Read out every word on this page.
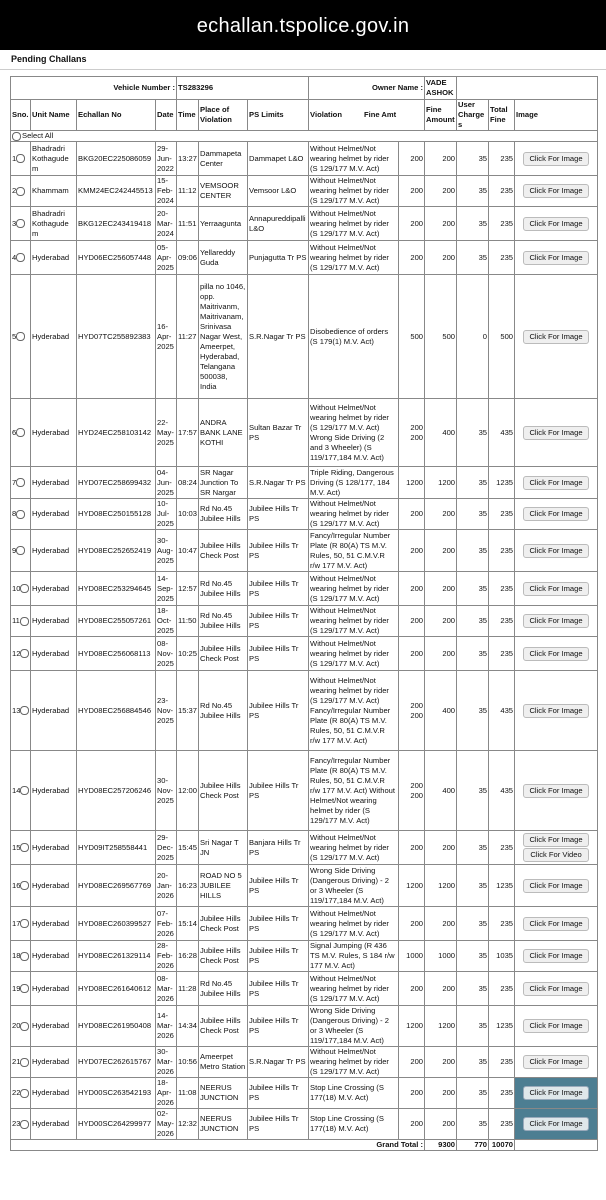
echallan.tspolice.gov.in
Pending Challans
Vehicle Number :				TS283296			Owner Name :		VADE ASHOK			
Sno.	Unit Name	Echallan No	Date	Time	Place of Violation	PS Limits	Violation Fine Amt		Fine Amount	User Charges	Total Fine	Image
Select All												
1	Bhadradri Kothagudem	BKG20EC225086059	29-Jun-2022	13:27	Dammapeta Center	Dammapet L&O	Without Helmet/Not wearing helmet by rider (S 129/177 M.V. Act)	200	200	35	235	Click For Image

2	Khammam	KMM24EC242445513	15-Feb-2024	11:12	VEMSOOR CENTER	Vemsoor L&O	Without Helmet/Not wearing helmet by rider (S 129/177 M.V. Act)	200	200	35	235	Click For Image

3	Bhadradri Kothagudem	BKG12EC243419418	20-Mar-2024	11:51	Yerraagunta	Annapureddipalli L&O	Without Helmet/Not wearing helmet by rider (S 129/177 M.V. Act)	200	200	35	235	Click For Image

4	Hyderabad	HYD06EC256057448	05-Apr-2025	09:06	Yellareddy Guda	Punjagutta Tr PS	Without Helmet/Not wearing helmet by rider (S 129/177 M.V. Act)	200	200	35	235	Click For Image

5	Hyderabad	HYD07TC255892383	16-Apr-2025	11:27	pilla no 1046, opp. Maitrivanm, Maitrivanam, Srinivasa Nagar West, Ameerpet, Hyderabad, Telangana 500038, India	S.R.Nagar Tr PS	Disobedience of orders (S 179(1) M.V. Act)	500	500	0	500	Click For Image

6	Hyderabad	HYD24EC258103142	22-May-2025	17:57	ANDRA BANK LANE KOTHI	Sultan Bazar Tr PS	Without Helmet/Not wearing helmet by rider (S 129/177 M.V. Act) Wrong Side Driving (2 and 3 Wheeler) (S 119/177,184 M.V. Act)	200 200	400	35	435	Click For Image

7	Hyderabad	HYD07EC258699432	04-Jun-2025	08:24	SR Nagar Junction To SR Nargar	S.R.Nagar Tr PS	Triple Riding, Dangerous Driving (S 128/177, 184 M.V. Act)	1200	1200	35	1235	Click For Image

8	Hyderabad	HYD08EC250155128	10-Jul-2025	10:03	Rd No.45 Jubilee Hills	Jubilee Hills Tr PS	Without Helmet/Not wearing helmet by rider (S 129/177 M.V. Act)	200	200	35	235	Click For Image

9	Hyderabad	HYD08EC252652419	30-Aug-2025	10:47	Jubilee Hills Check Post	Jubilee Hills Tr PS	Fancy/Irregular Number Plate (R 80(A) TS M.V. Rules, 50, 51 C.M.V.R r/w 177 M.V. Act)	200	200	35	235	Click For Image

10	Hyderabad	HYD08EC253294645	14-Sep-2025	12:57	Rd No.45 Jubilee Hills	Jubilee Hills Tr PS	Without Helmet/Not wearing helmet by rider (S 129/177 M.V. Act)	200	200	35	235	Click For Image

11	Hyderabad	HYD08EC255057261	18-Oct-2025	11:50	Rd No.45 Jubilee Hills	Jubilee Hills Tr PS	Without Helmet/Not wearing helmet by rider (S 129/177 M.V. Act)	200	200	35	235	Click For Image

12	Hyderabad	HYD08EC256068113	08-Nov-2025	10:25	Jubilee Hills Check Post	Jubilee Hills Tr PS	Without Helmet/Not wearing helmet by rider (S 129/177 M.V. Act)	200	200	35	235	Click For Image

13	Hyderabad	HYD08EC256884546	23-Nov-2025	15:37	Rd No.45 Jubilee Hills	Jubilee Hills Tr PS	Without Helmet/Not wearing helmet by rider (S 129/177 M.V. Act) Fancy/Irregular Number Plate (R 80(A) TS M.V. Rules, 50, 51 C.M.V.R r/w 177 M.V. Act)	200 200	400	35	435	Click For Image

14	Hyderabad	HYD08EC257206246	30-Nov-2025	12:00	Jubilee Hills Check Post	Jubilee Hills Tr PS	Fancy/Irregular Number Plate (R 80(A) TS M.V. Rules, 50, 51 C.M.V.R r/w 177 M.V. Act) Without Helmet/Not wearing helmet by rider (S 129/177 M.V. Act)	200 200	400	35	435	Click For Image

15	Hyderabad	HYD09IT258558441	29-Dec-2025	15:45	Sri Nagar T JN	Banjara Hills Tr PS	Without Helmet/Not wearing helmet by rider (S 129/177 M.V. Act)	200	200	35	235	Click For Image
Click For Video

16	Hyderabad	HYD08EC269567769	20-Jan-2026	16:23	ROAD NO 5 JUBILEE HILLS	Jubilee Hills Tr PS	Wrong Side Driving (Dangerous Driving) - 2 or 3 Wheeler (S 119/177,184 M.V. Act)	1200	1200	35	1235	Click For Image

17	Hyderabad	HYD08EC260399527	07-Feb-2026	15:14	Jubilee Hills Check Post	Jubilee Hills Tr PS	Without Helmet/Not wearing helmet by rider (S 129/177 M.V. Act)	200	200	35	235	Click For Image

18	Hyderabad	HYD08EC261329114	28-Feb-2026	16:28	Jubilee Hills Check Post	Jubilee Hills Tr PS	Signal Jumping (R 436 TS M.V. Rules, S 184 r/w 177 M.V. Act)	1000	1000	35	1035	Click For Image

19	Hyderabad	HYD08EC261640612	08-Mar-2026	11:28	Rd No.45 Jubilee Hills	Jubilee Hills Tr PS	Without Helmet/Not wearing helmet by rider (S 129/177 M.V. Act)	200	200	35	235	Click For Image

20	Hyderabad	HYD08EC261950408	14-Mar-2026	14:34	Jubilee Hills Check Post	Jubilee Hills Tr PS	Wrong Side Driving (Dangerous Driving) - 2 or 3 Wheeler (S 119/177,184 M.V. Act)	1200	1200	35	1235	Click For Image

21	Hyderabad	HYD07EC262615767	30-Mar-2026	10:56	Ameerpet Metro Station	S.R.Nagar Tr PS	Without Helmet/Not wearing helmet by rider (S 129/177 M.V. Act)	200	200	35	235	Click For Image

22	Hyderabad	HYD00SC263542193	18-Apr-2026	11:08	NEERUS JUNCTION	Jubilee Hills Tr PS	Stop Line Crossing (S 177(18) M.V. Act)	200	200	35	235	Click For Image

23	Hyderabad	HYD00SC264299977	02-May-2026	12:32	NEERUS JUNCTION	Jubilee Hills Tr PS	Stop Line Crossing (S 177(18) M.V. Act)	200	200	35	235	Click For Image

Grand Total :									9300	770	10070	
